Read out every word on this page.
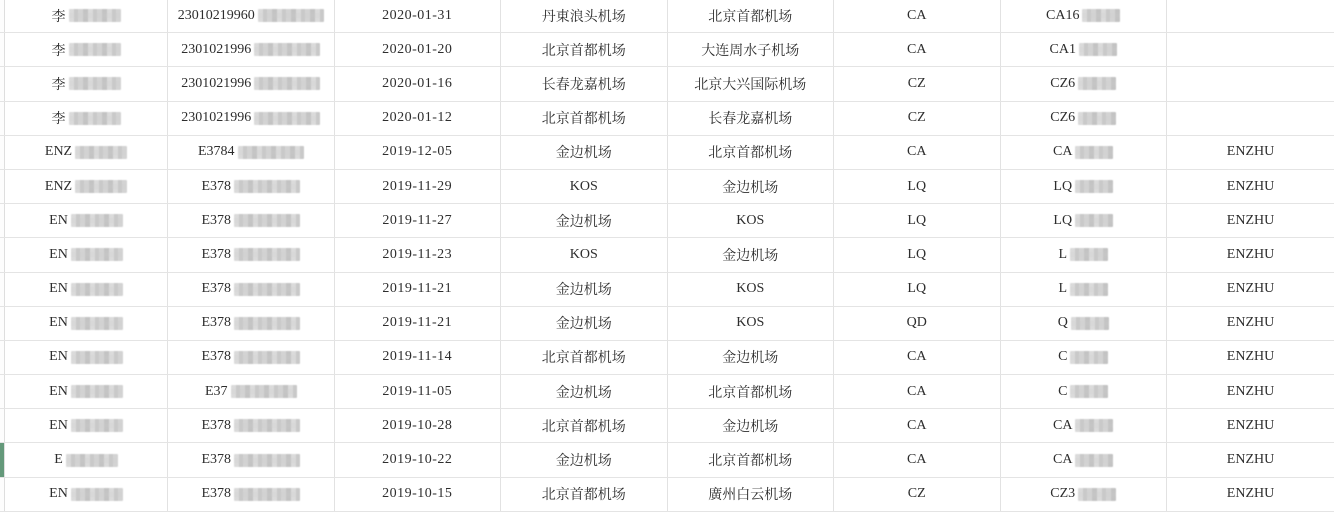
李	23010219960	2020-01-31	丹東浪头机场	北京首都机场	CA	CA16
李	2301021996	2020-01-20	北京首都机场	大连周水子机场	CA	CA1
李	2301021996	2020-01-16	长春龙嘉机场	北京大兴国际机场	CZ	CZ6
李	2301021996	2020-01-12	北京首都机场	长春龙嘉机场	CZ	CZ6
ENZ	E3784	2019-12-05	金边机场	北京首都机场	CA	CA	ENZHU
ENZ	E378	2019-11-29	KOS	金边机场	LQ	LQ	ENZHU
EN	E378	2019-11-27	金边机场	KOS	LQ	LQ	ENZHU
EN	E378	2019-11-23	KOS	金边机场	LQ	L	ENZHU
EN	E378	2019-11-21	金边机场	KOS	LQ	L	ENZHU
EN	E378	2019-11-21	金边机场	KOS	QD	Q	ENZHU
EN	E378	2019-11-14	北京首都机场	金边机场	CA	C	ENZHU
EN	E37	2019-11-05	金边机场	北京首都机场	CA	C	ENZHU
EN	E378	2019-10-28	北京首都机场	金边机场	CA	CA	ENZHU
E	E378	2019-10-22	金边机场	北京首都机场	CA	CA	ENZHU
EN	E378	2019-10-15	北京首都机场	廣州白云机场	CZ	CZ3	ENZHU
